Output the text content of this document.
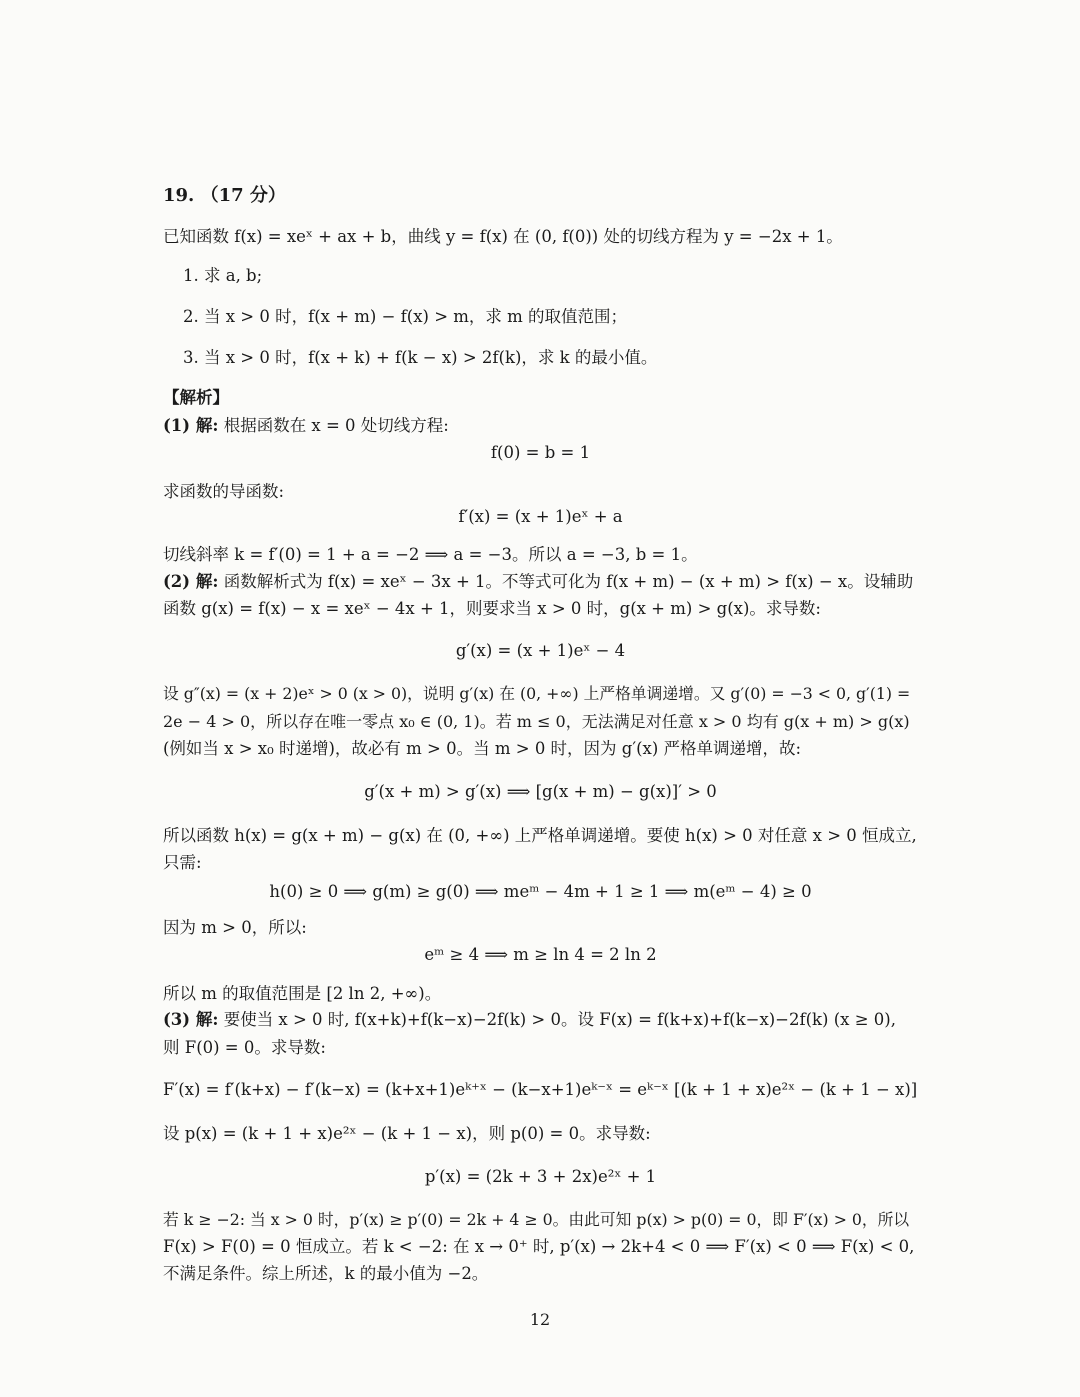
19. （17 分）
已知函数 f(x) = xeˣ + ax + b，曲线 y = f(x) 在 (0, f(0)) 处的切线方程为 y = −2x + 1。
1. 求 a, b;
2. 当 x > 0 时，f(x + m) − f(x) > m，求 m 的取值范围；
3. 当 x > 0 时，f(x + k) + f(k − x) > 2f(k)，求 k 的最小值。
【解析】
(1) 解: 根据函数在 x = 0 处切线方程:
f(0) = b = 1
求函数的导函数:
f′(x) = (x + 1)eˣ + a
切线斜率 k = f′(0) = 1 + a = −2 ⟹ a = −3。所以 a = −3, b = 1。
(2) 解: 函数解析式为 f(x) = xeˣ − 3x + 1。不等式可化为 f(x + m) − (x + m) > f(x) − x。设辅助
函数 g(x) = f(x) − x = xeˣ − 4x + 1，则要求当 x > 0 时，g(x + m) > g(x)。求导数:
g′(x) = (x + 1)eˣ − 4
设 g″(x) = (x + 2)eˣ > 0 (x > 0)，说明 g′(x) 在 (0, +∞) 上严格单调递增。又 g′(0) = −3 < 0, g′(1) =
2e − 4 > 0，所以存在唯一零点 x₀ ∈ (0, 1)。若 m ≤ 0，无法满足对任意 x > 0 均有 g(x + m) > g(x)
(例如当 x > x₀ 时递增)，故必有 m > 0。当 m > 0 时，因为 g′(x) 严格单调递增，故:
g′(x + m) > g′(x) ⟹ [g(x + m) − g(x)]′ > 0
所以函数 h(x) = g(x + m) − g(x) 在 (0, +∞) 上严格单调递增。要使 h(x) > 0 对任意 x > 0 恒成立,
只需:
h(0) ≥ 0 ⟹ g(m) ≥ g(0) ⟹ meᵐ − 4m + 1 ≥ 1 ⟹ m(eᵐ − 4) ≥ 0
因为 m > 0，所以:
eᵐ ≥ 4 ⟹ m ≥ ln 4 = 2 ln 2
所以 m 的取值范围是 [2 ln 2, +∞)。
(3) 解: 要使当 x > 0 时, f(x+k)+f(k−x)−2f(k) > 0。设 F(x) = f(k+x)+f(k−x)−2f(k) (x ≥ 0),
则 F(0) = 0。求导数:
F′(x) = f′(k+x) − f′(k−x) = (k+x+1)eᵏ⁺ˣ − (k−x+1)eᵏ⁻ˣ = eᵏ⁻ˣ [(k + 1 + x)e²ˣ − (k + 1 − x)]
设 p(x) = (k + 1 + x)e²ˣ − (k + 1 − x)，则 p(0) = 0。求导数:
p′(x) = (2k + 3 + 2x)e²ˣ + 1
若 k ≥ −2: 当 x > 0 时，p′(x) ≥ p′(0) = 2k + 4 ≥ 0。由此可知 p(x) > p(0) = 0，即 F′(x) > 0，所以
F(x) > F(0) = 0 恒成立。若 k < −2: 在 x → 0⁺ 时, p′(x) → 2k+4 < 0 ⟹ F′(x) < 0 ⟹ F(x) < 0,
不满足条件。综上所述，k 的最小值为 −2。
12
